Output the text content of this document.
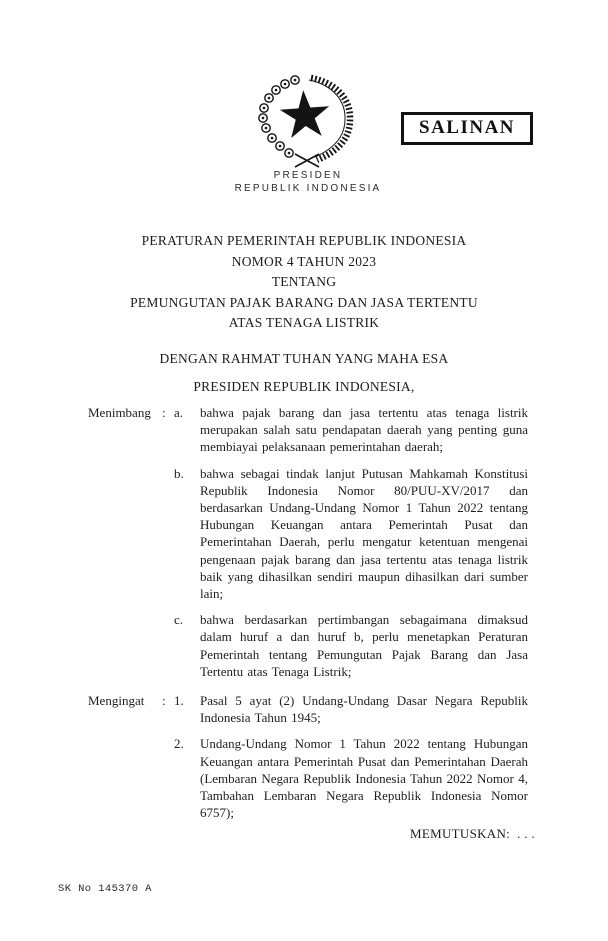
PRESIDEN
REPUBLIK INDONESIA
SALINAN
PERATURAN PEMERINTAH REPUBLIK INDONESIA
NOMOR 4 TAHUN 2023
TENTANG
PEMUNGUTAN PAJAK BARANG DAN JASA TERTENTU
ATAS TENAGA LISTRIK
DENGAN RAHMAT TUHAN YANG MAHA ESA
PRESIDEN REPUBLIK INDONESIA,
Menimbang : a.	bahwa pajak barang dan jasa tertentu atas tenaga listrik merupakan salah satu pendapatan daerah yang penting guna membiayai pelaksanaan pemerintahan daerah;

b.	bahwa sebagai tindak lanjut Putusan Mahkamah Konstitusi Republik Indonesia Nomor 80/PUU-XV/2017 dan berdasarkan Undang-Undang Nomor 1 Tahun 2022 tentang Hubungan Keuangan antara Pemerintah Pusat dan Pemerintahan Daerah, perlu mengatur ketentuan mengenai pengenaan pajak barang dan jasa tertentu atas tenaga listrik baik yang dihasilkan sendiri maupun dihasilkan dari sumber lain;

c.	bahwa berdasarkan pertimbangan sebagaimana dimaksud dalam huruf a dan huruf b, perlu menetapkan Peraturan Pemerintah tentang Pemungutan Pajak Barang dan Jasa Tertentu atas Tenaga Listrik;

Mengingat	: 1.	Pasal 5 ayat (2) Undang-Undang Dasar Negara Republik Indonesia Tahun 1945;

2.	Undang-Undang Nomor 1 Tahun 2022 tentang Hubungan Keuangan antara Pemerintah Pusat dan Pemerintahan Daerah (Lembaran Negara Republik Indonesia Tahun 2022 Nomor 4, Tambahan Lembaran Negara Republik Indonesia Nomor 6757);

MEMUTUSKAN:  . . .
SK No 145370 A
